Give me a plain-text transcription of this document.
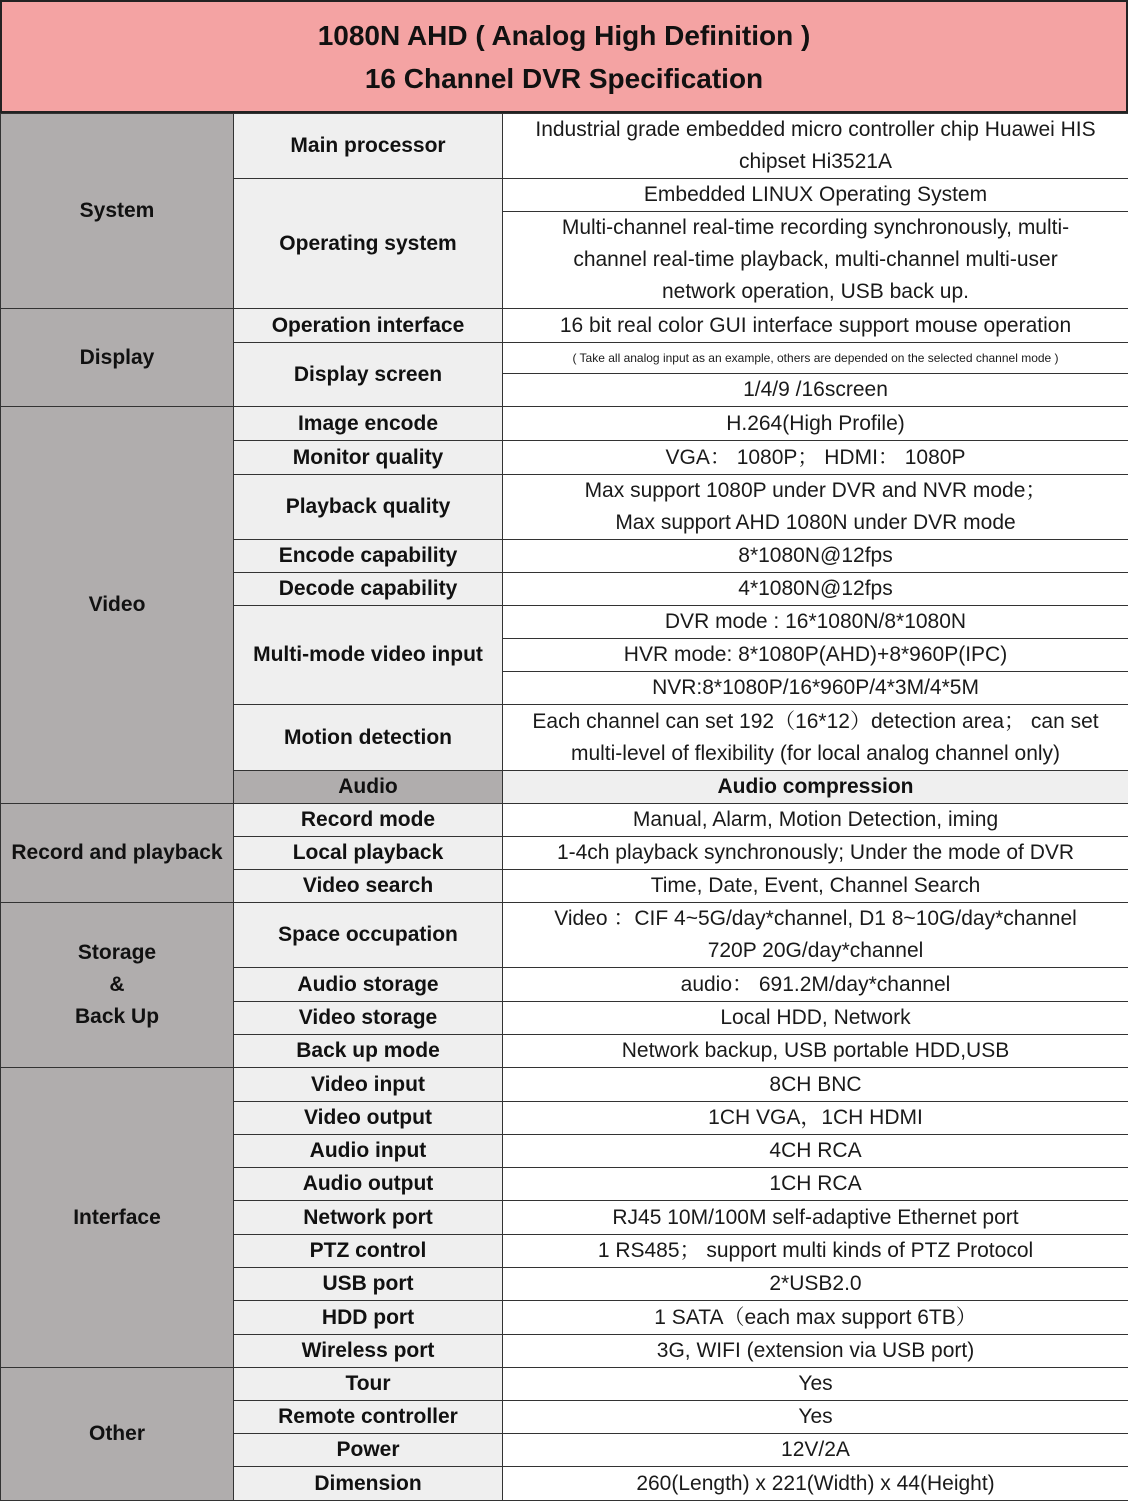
1080N AHD ( Analog High Definition )
16 Channel DVR Specification
System	Main processor	Industrial grade embedded micro controller chip Huawei HIS
chipset Hi3521A	

	Operating system	Embedded LINUX Operating System	

		Multi-channel real-time recording synchronously, multi-
channel real-time playback, multi-channel multi-user
network operation, USB back up.	

Display	Operation interface	16 bit real color GUI interface support mouse operation	
	Display screen	( Take all analog input as an example, others are depended on the selected channel mode )	
		1/4/9 /16screen	
Video	Image encode	H.264(High Profile)	
	Monitor quality	VGA： 1080P； HDMI： 1080P	
	Playback quality	Max support 1080P under DVR and NVR mode；
Max support AHD 1080N under DVR mode	

	Encode capability	8*1080N@12fps	
	Decode capability	4*1080N@12fps	
	Multi-mode video input	DVR mode : 16*1080N/8*1080N	
		HVR mode: 8*1080P(AHD)+8*960P(IPC)	
		NVR:8*1080P/16*960P/4*3M/4*5M	
	Motion detection	Each channel can set 192（16*12）detection area； can set
multi-level of flexibility (for local analog channel only)	

	Audio	Audio compression	
Record and playback	Record mode	Manual, Alarm, Motion Detection, iming	
	Local playback	1-4ch playback synchronously; Under the mode of DVR	
	Video search	Time, Date, Event, Channel Search	

Storage
&
Back Up	Space occupation	Video ：CIF 4~5G/day*channel, D1 8~10G/day*channel
720P 20G/day*channel	

	Audio storage	audio： 691.2M/day*channel	
	Video storage	Local HDD, Network	
	Back up mode	Network backup, USB portable HDD,USB	
Interface	Video input	8CH BNC	
	Video output	1CH VGA，1CH HDMI	
	Audio input	4CH RCA	
	Audio output	1CH RCA	
	Network port	RJ45 10M/100M self-adaptive Ethernet port	
	PTZ control	1 RS485； support multi kinds of PTZ Protocol	
	USB port	2*USB2.0	
	HDD port	1 SATA（each max support 6TB）	
	Wireless port	3G, WIFI (extension via USB port)	
Other	Tour	Yes	
	Remote controller	Yes	
	Power	12V/2A	
	Dimension	260(Length) x 221(Width) x 44(Height)	
